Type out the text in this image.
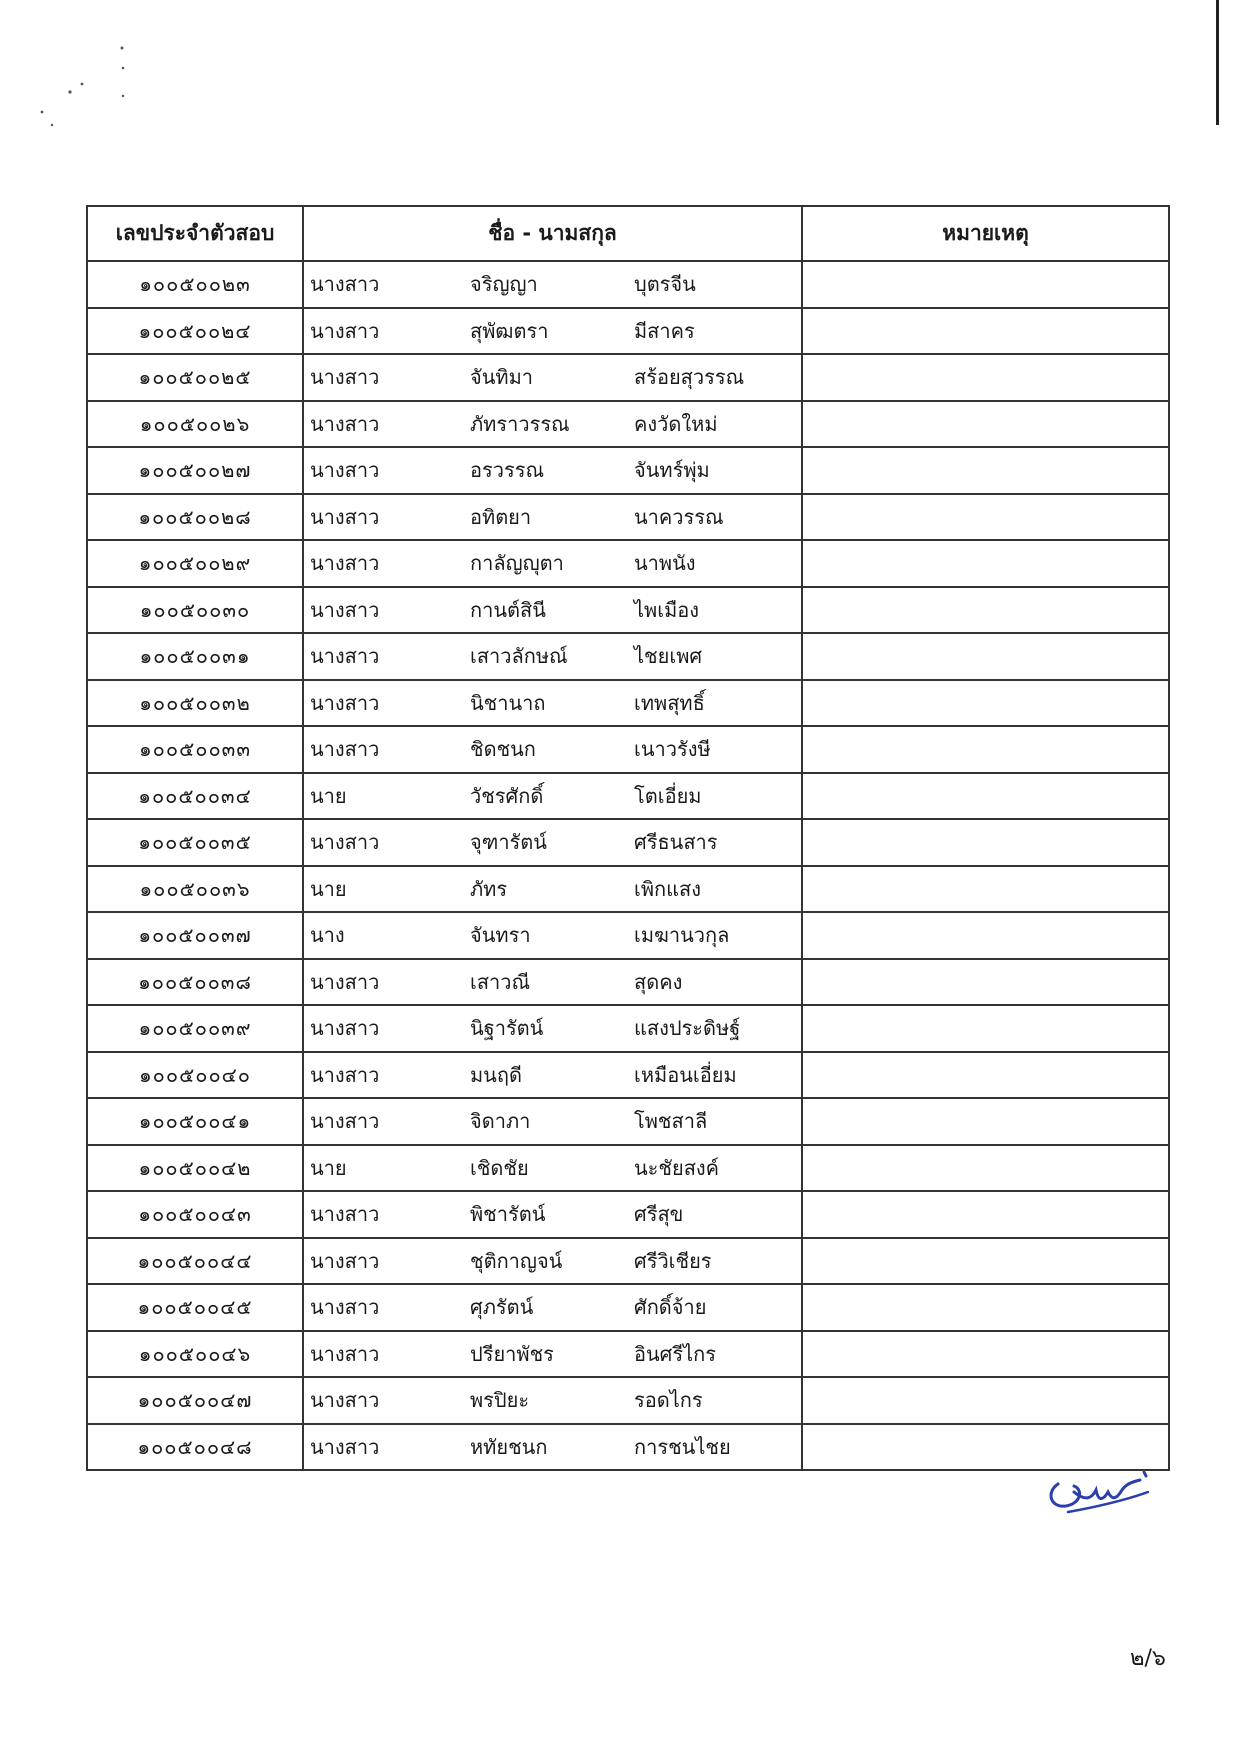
เลขประจำตัวสอบ	ชื่อ - นามสกุล	หมายเหตุ
๑๐๐๕๐๐๒๓	นางสาว จริญญา บุตรจีน	

๑๐๐๕๐๐๒๔	นางสาว สุพัฒตรา มีสาคร	

๑๐๐๕๐๐๒๕	นางสาว จันทิมา สร้อยสุวรรณ	

๑๐๐๕๐๐๒๖	นางสาว ภัทราวรรณ คงวัดใหม่	

๑๐๐๕๐๐๒๗	นางสาว อรวรรณ จันทร์พุ่ม	

๑๐๐๕๐๐๒๘	นางสาว อทิตยา นาควรรณ	

๑๐๐๕๐๐๒๙	นางสาว กาลัญญุตา นาพนัง	

๑๐๐๕๐๐๓๐	นางสาว กานต์สินี ไพเมือง	

๑๐๐๕๐๐๓๑	นางสาว เสาวลักษณ์ ไชยเพศ	

๑๐๐๕๐๐๓๒	นางสาว นิชานาถ เทพสุทธิ์	

๑๐๐๕๐๐๓๓	นางสาว ชิดชนก เนาวรังษี	

๑๐๐๕๐๐๓๔	นาย วัชรศักดิ์ โตเอี่ยม	

๑๐๐๕๐๐๓๕	นางสาว จุฑารัตน์ ศรีธนสาร	

๑๐๐๕๐๐๓๖	นาย ภัทร เพิกแสง	

๑๐๐๕๐๐๓๗	นาง จันทรา เมฆานวกุล	

๑๐๐๕๐๐๓๘	นางสาว เสาวณี สุดคง	

๑๐๐๕๐๐๓๙	นางสาว นิฐารัตน์ แสงประดิษฐ์	

๑๐๐๕๐๐๔๐	นางสาว มนฤดี เหมือนเอี่ยม	

๑๐๐๕๐๐๔๑	นางสาว จิดาภา โพชสาลี	

๑๐๐๕๐๐๔๒	นาย เชิดชัย นะชัยสงค์	

๑๐๐๕๐๐๔๓	นางสาว พิชารัตน์ ศรีสุข	

๑๐๐๕๐๐๔๔	นางสาว ชุติกาญจน์ ศรีวิเชียร	

๑๐๐๕๐๐๔๕	นางสาว ศุภรัตน์ ศักดิ์จ้าย	

๑๐๐๕๐๐๔๖	นางสาว ปรียาพัชร อินศรีไกร	

๑๐๐๕๐๐๔๗	นางสาว พรปิยะ รอดไกร	

๑๐๐๕๐๐๔๘	นางสาว หทัยชนก การชนไชย	

๒/๖
